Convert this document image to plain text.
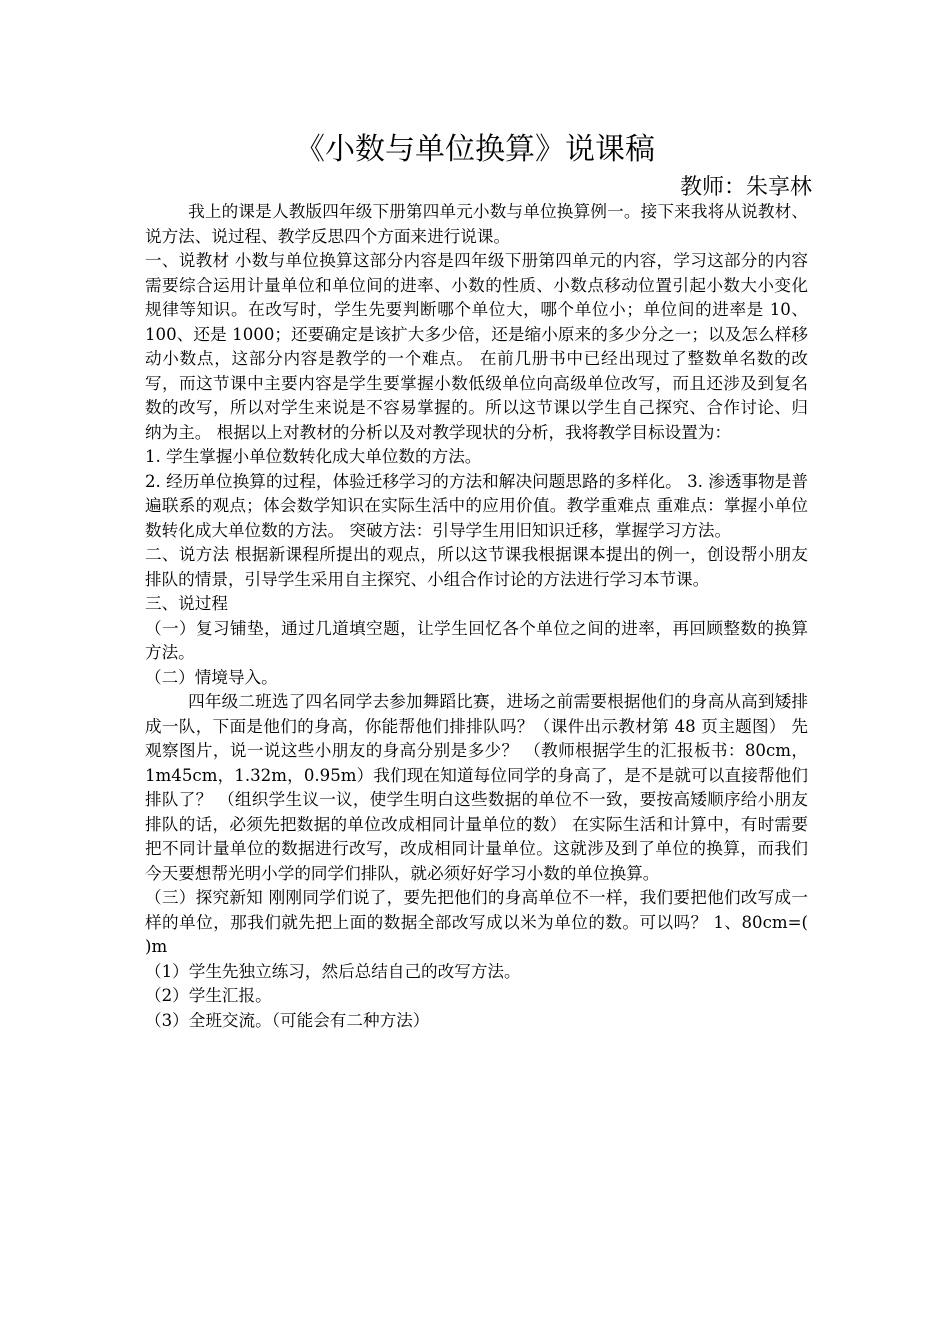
《小数与单位换算》说课稿
教师：朱享林

我上的课是人教版四年级下册第四单元小数与单位换算例一。接下来我将从说教材、说方法、说过程、教学反思四个方面来进行说课。

一、说教材 小数与单位换算这部分内容是四年级下册第四单元的内容，学习这部分的内容需要综合运用计量单位和单位间的进率、小数的性质、小数点移动位置引起小数大小变化规律等知识。在改写时，学生先要判断哪个单位大，哪个单位小；单位间的进率是 10、100、还是 1000；还要确定是该扩大多少倍，还是缩小原来的多少分之一；以及怎么样移动小数点，这部分内容是教学的一个难点。 在前几册书中已经出现过了整数单名数的改写，而这节课中主要内容是学生要掌握小数低级单位向高级单位改写，而且还涉及到复名数的改写，所以对学生来说是不容易掌握的。所以这节课以学生自己探究、合作讨论、归纳为主。 根据以上对教材的分析以及对教学现状的分析，我将教学目标设置为：

1. 学生掌握小单位数转化成大单位数的方法。

2. 经历单位换算的过程，体验迁移学习的方法和解决问题思路的多样化。 3. 渗透事物是普遍联系的观点；体会数学知识在实际生活中的应用价值。教学重难点 重难点：掌握小单位数转化成大单位数的方法。 突破方法：引导学生用旧知识迁移，掌握学习方法。

二、说方法 根据新课程所提出的观点，所以这节课我根据课本提出的例一，创设帮小朋友排队的情景，引导学生采用自主探究、小组合作讨论的方法进行学习本节课。

三、说过程

（一）复习铺垫，通过几道填空题，让学生回忆各个单位之间的进率，再回顾整数的换算方法。

（二）情境导入。

四年级二班选了四名同学去参加舞蹈比赛，进场之前需要根据他们的身高从高到矮排成一队，下面是他们的身高，你能帮他们排排队吗？（课件出示教材第 48 页主题图） 先观察图片，说一说这些小朋友的身高分别是多少？ （教师根据学生的汇报板书：80cm，1m45cm，1.32m，0.95m）我们现在知道每位同学的身高了，是不是就可以直接帮他们排队了？ （组织学生议一议，使学生明白这些数据的单位不一致，要按高矮顺序给小朋友排队的话，必须先把数据的单位改成相同计量单位的数） 在实际生活和计算中，有时需要把不同计量单位的数据进行改写，改成相同计量单位。这就涉及到了单位的换算，而我们今天要想帮光明小学的同学们排队，就必须好好学习小数的单位换算。

（三）探究新知 刚刚同学们说了，要先把他们的身高单位不一样，我们要把他们改写成一样的单位，那我们就先把上面的数据全部改写成以米为单位的数。可以吗？ 1、80cm=( )m

（1）学生先独立练习，然后总结自己的改写方法。

（2）学生汇报。

（3）全班交流。（可能会有二种方法）
